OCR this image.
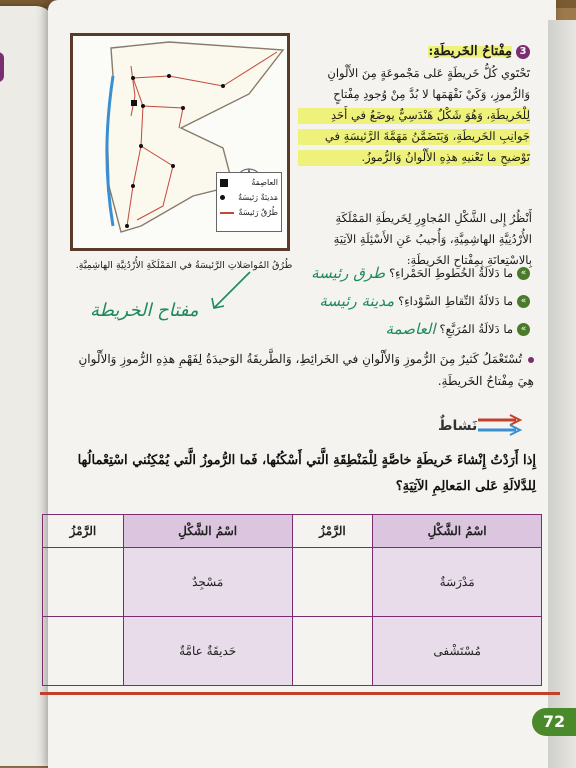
العاصِمَةُ
مَدينَةٌ رَئيسَةٌ
طُرُقٌ رَئيسَةٌ
طُرُقُ المُواصَلاتِ الرَّئيسَةُ في المَمْلَكَةِ الأُرْدُنِيَّةِ الهاشِمِيَّةِ.
مفتاح الخريطة
3
مِفْتاحُ الخَريطَةِ:
تَحْتَوي كُلُّ خَريطَةٍ عَلى مَجْموعَةٍ مِنَ الأَلْوانِ
وَالرُّموزِ، وَكَيْ نَفْهَمَها لا بُدَّ مِنْ وُجودِ مِفْتاحٍ
لِلْخَريطَةِ، وَهُوَ شَكْلٌ هَنْدَسِيٌّ يوضَعُ في أَحَدِ
جَوانِبِ الخَريطَةِ، وَيَتَضَمَّنُ مَهَمَّةَ الرَّئيسَةِ في
تَوْضيحِ ما تَعْنيهِ هذِهِ الأَلْوانُ وَالرُّموزُ.
أَنْظُرُ إِلى الشَّكْلِ المُجاوِرِ لِخَريطَةِ المَمْلَكَةِ
الأُرْدُنِيَّةِ الهاشِمِيَّةِ، وَأُجيبُ عَنِ الأَسْئِلَةِ الآتِيَةِ
بِالاسْتِعانَةِ بِمِفْتاحِ الخَريطَةِ:
»
ما دَلالَةُ الخُطوطِ الحَمْراءِ؟
طرق رئيسة
»
ما دَلالَةُ النِّقاطِ السَّوْداءِ؟
مدينة رئيسة
»
ما دَلالَةُ المُرَبَّعِ؟
العاصمة
تُسْتَعْمَلُ كَثيرٌ مِنَ الرُّموزِ وَالأَلْوانِ في الخَرائِطِ، وَالطَّريقَةُ الوَحيدَةُ لِفَهْمِ هذِهِ الرُّموزِ وَالأَلْوانِ هِيَ مِفْتاحُ الخَريطَةِ.
نَشاطٌ
إِذا أَرَدْتُ إِنْشاءَ خَريطَةٍ خاصَّةٍ لِلْمَنْطِقَةِ الَّتي أَسْكُنُها، فَما الرُّموزُ الَّتي يُمْكِنُني اسْتِعْمالُها لِلدَّلالَةِ عَلى المَعالِمِ الآتِيَةِ؟
اسْمُ الشَّكْلِ	الرَّمْزُ	اسْمُ الشَّكْلِ	الرَّمْزُ
مَدْرَسَةٌ		مَسْجِدٌ	
مُسْتَشْفى		حَديقَةٌ عامَّةٌ	
72
